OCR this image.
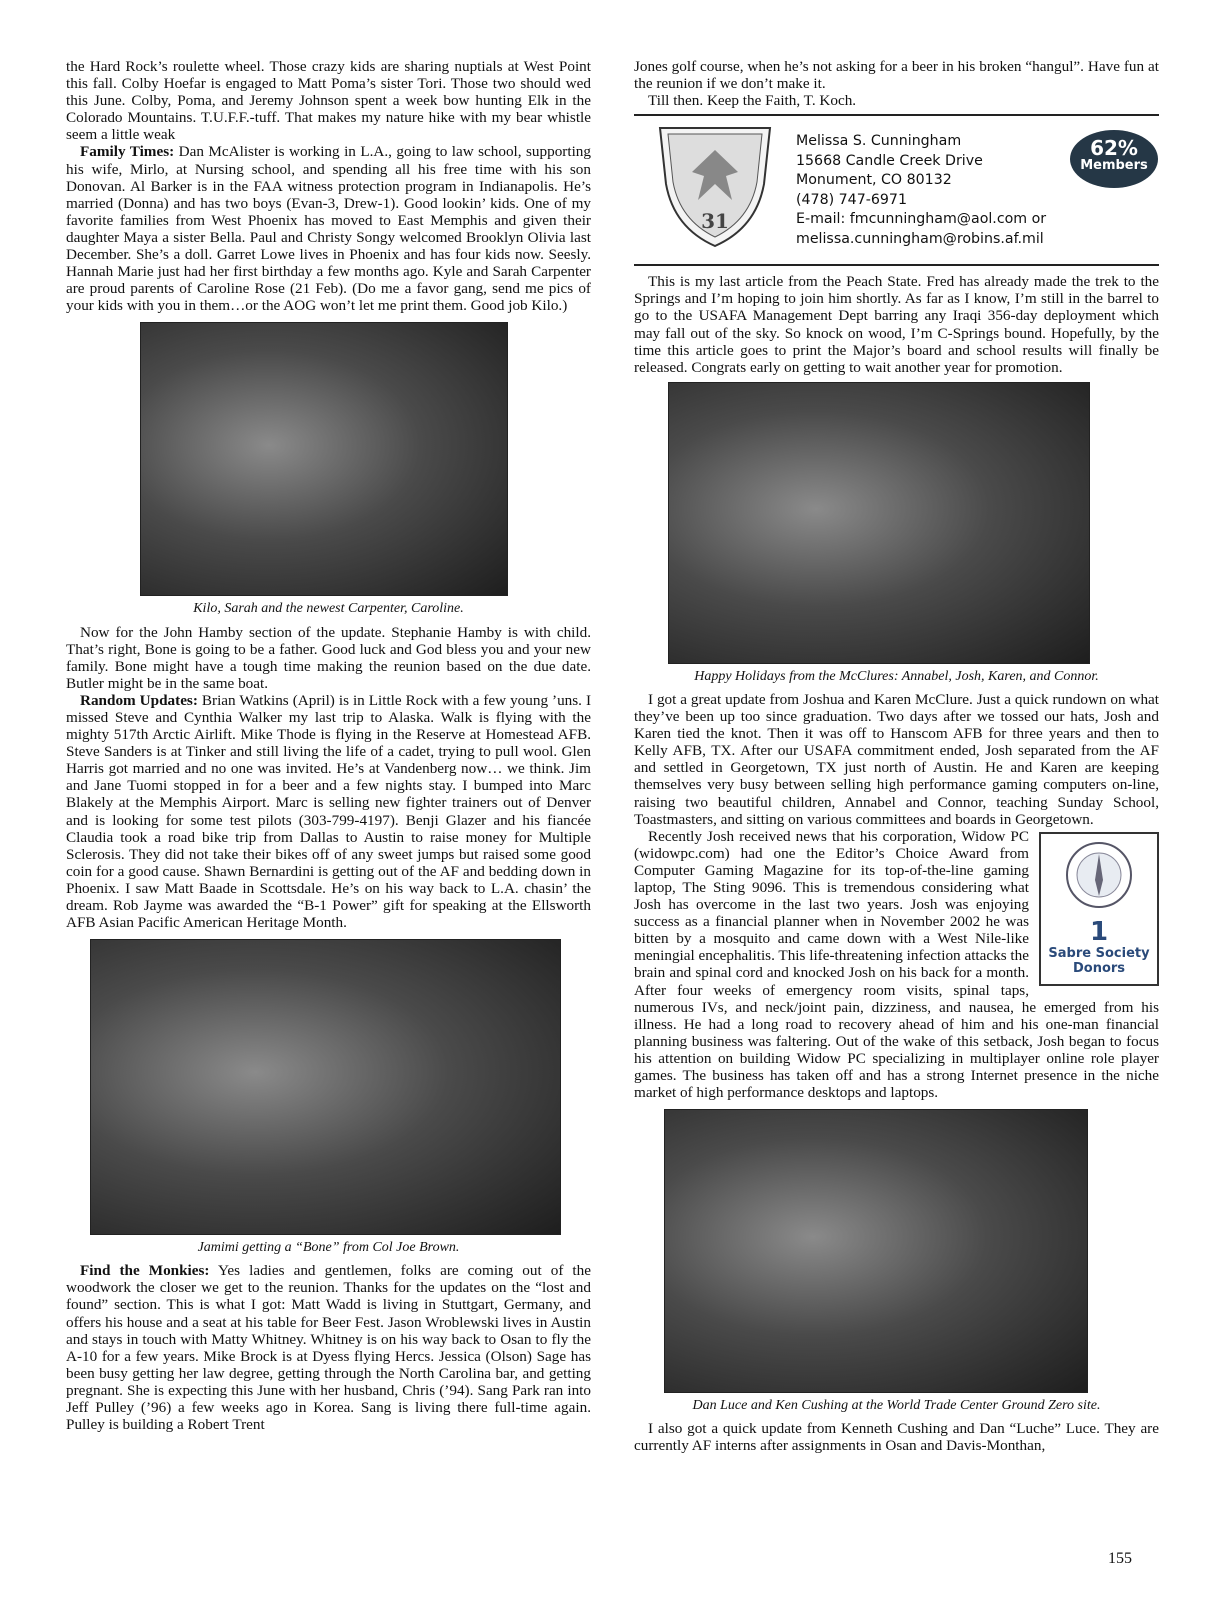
the Hard Rock’s roulette wheel. Those crazy kids are sharing nuptials at West Point this fall. Colby Hoefar is engaged to Matt Poma’s sister Tori. Those two should wed this June. Colby, Poma, and Jeremy Johnson spent a week bow hunting Elk in the Colorado Mountains. T.U.F.F.-tuff. That makes my nature hike with my bear whistle seem a little weak

Family Times: Dan McAlister is working in L.A., going to law school, supporting his wife, Mirlo, at Nursing school, and spending all his free time with his son Donovan. Al Barker is in the FAA witness protection program in Indianapolis. He’s married (Donna) and has two boys (Evan-3, Drew-1). Good lookin’ kids. One of my favorite families from West Phoenix has moved to East Memphis and given their daughter Maya a sister Bella. Paul and Christy Songy welcomed Brooklyn Olivia last December. She’s a doll. Garret Lowe lives in Phoenix and has four kids now. Seesly. Hannah Marie just had her first birthday a few months ago. Kyle and Sarah Carpenter are proud parents of Caroline Rose (21 Feb). (Do me a favor gang, send me pics of your kids with you in them…or the AOG won’t let me print them. Good job Kilo.)

Kilo, Sarah and the newest Carpenter, Caroline.

Now for the John Hamby section of the update. Stephanie Hamby is with child. That’s right, Bone is going to be a father. Good luck and God bless you and your new family. Bone might have a tough time making the reunion based on the due date. Butler might be in the same boat.

Random Updates: Brian Watkins (April) is in Little Rock with a few young ’uns. I missed Steve and Cynthia Walker my last trip to Alaska. Walk is flying with the mighty 517th Arctic Airlift. Mike Thode is flying in the Reserve at Homestead AFB. Steve Sanders is at Tinker and still living the life of a cadet, trying to pull wool. Glen Harris got married and no one was invited. He’s at Vandenberg now… we think. Jim and Jane Tuomi stopped in for a beer and a few nights stay. I bumped into Marc Blakely at the Memphis Airport. Marc is selling new fighter trainers out of Denver and is looking for some test pilots (303-799-4197). Benji Glazer and his fiancée Claudia took a road bike trip from Dallas to Austin to raise money for Multiple Sclerosis. They did not take their bikes off of any sweet jumps but raised some good coin for a good cause. Shawn Bernardini is getting out of the AF and bedding down in Phoenix. I saw Matt Baade in Scottsdale. He’s on his way back to L.A. chasin’ the dream. Rob Jayme was awarded the “B-1 Power” gift for speaking at the Ellsworth AFB Asian Pacific American Heritage Month.

Jamimi getting a “Bone” from Col Joe Brown.

Find the Monkies: Yes ladies and gentlemen, folks are coming out of the woodwork the closer we get to the reunion. Thanks for the updates on the “lost and found” section. This is what I got: Matt Wadd is living in Stuttgart, Germany, and offers his house and a seat at his table for Beer Fest. Jason Wroblewski lives in Austin and stays in touch with Matty Whitney. Whitney is on his way back to Osan to fly the A-10 for a few years. Mike Brock is at Dyess flying Hercs. Jessica (Olson) Sage has been busy getting her law degree, getting through the North Carolina bar, and getting pregnant. She is expecting this June with her husband, Chris (’94). Sang Park ran into Jeff Pulley (’96) a few weeks ago in Korea. Sang is living there full-time again. Pulley is building a Robert Trent

Jones golf course, when he’s not asking for a beer in his broken “hangul”. Have fun at the reunion if we don’t make it.

Till then. Keep the Faith, T. Koch.

31
Melissa S. Cunningham
15668 Candle Creek Drive
Monument, CO 80132
(478) 747-6971
E-mail: fmcunningham@aol.com or
melissa.cunningham@robins.af.mil
62%
Members

This is my last article from the Peach State. Fred has already made the trek to the Springs and I’m hoping to join him shortly. As far as I know, I’m still in the barrel to go to the USAFA Management Dept barring any Iraqi 356-day deployment which may fall out of the sky. So knock on wood, I’m C-Springs bound. Hopefully, by the time this article goes to print the Major’s board and school results will finally be released. Congrats early on getting to wait another year for promotion.

Happy Holidays from the McClures: Annabel, Josh, Karen, and Connor.

I got a great update from Joshua and Karen McClure. Just a quick rundown on what they’ve been up too since graduation. Two days after we tossed our hats, Josh and Karen tied the knot. Then it was off to Hanscom AFB for three years and then to Kelly AFB, TX. After our USAFA commitment ended, Josh separated from the AF and settled in Georgetown, TX just north of Austin. He and Karen are keeping themselves very busy between selling high performance gaming computers on-line, raising two beautiful children, Annabel and Connor, teaching Sunday School, Toastmasters, and sitting on various committees and boards in Georgetown.

1
Sabre Society
Donors

Recently Josh received news that his corporation, Widow PC (widowpc.com) had one the Editor’s Choice Award from Computer Gaming Magazine for its top-of-the-line gaming laptop, The Sting 9096. This is tremendous considering what Josh has overcome in the last two years. Josh was enjoying success as a financial planner when in November 2002 he was bitten by a mosquito and came down with a West Nile-like meningial encephalitis. This life-threatening infection attacks the brain and spinal cord and knocked Josh on his back for a month. After four weeks of emergency room visits, spinal taps, numerous IVs, and neck/joint pain, dizziness, and nausea, he emerged from his illness. He had a long road to recovery ahead of him and his one-man financial planning business was faltering. Out of the wake of this setback, Josh began to focus his attention on building Widow PC specializing in multiplayer online role player games. The business has taken off and has a strong Internet presence in the niche market of high performance desktops and laptops.

Dan Luce and Ken Cushing at the World Trade Center Ground Zero site.

I also got a quick update from Kenneth Cushing and Dan “Luche” Luce. They are currently AF interns after assignments in Osan and Davis-Monthan,

155
